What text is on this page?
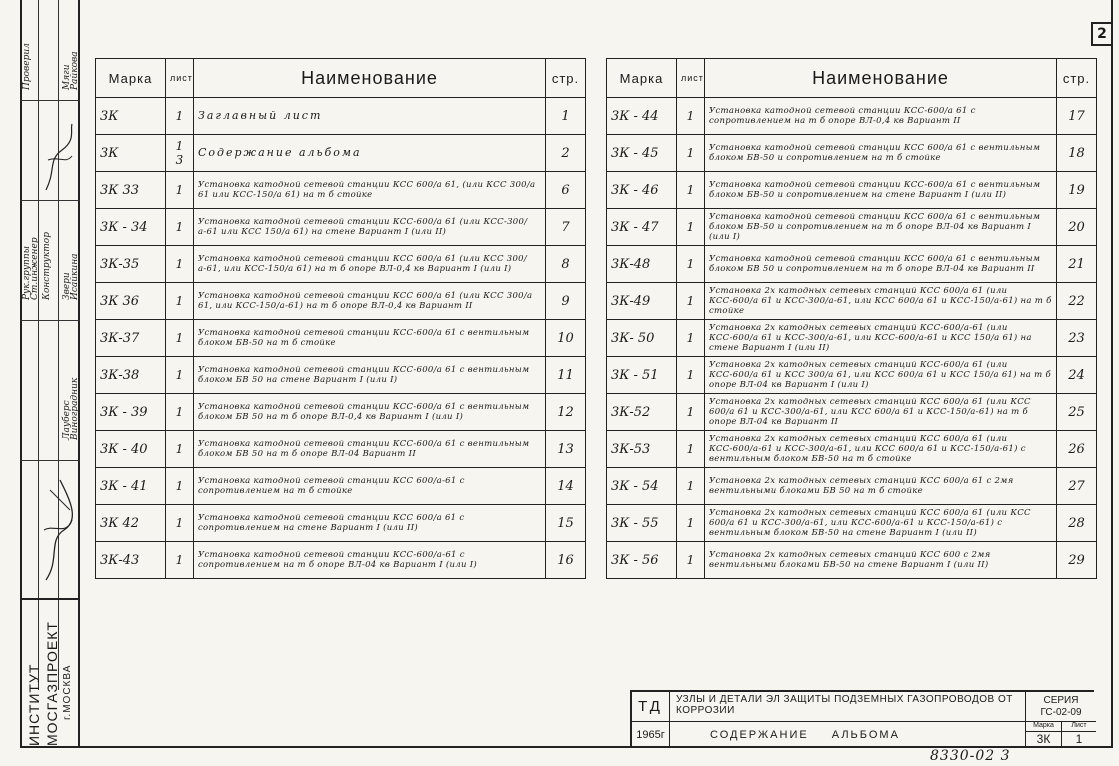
2
Мяги
Райкова
Проверил
Рук.группы
Ст.инженер Конструктор
Лауберс
Виноградник
Звери
Исайкина
ИНСТИТУТ МОСГАЗПРОЕКТ г.МОСКВА
Марка	лист	Наименование	стр.
3К	1	Заглавный лист	1
3К	1 3	Содержание альбома	2
3К 33	1	Установка катодной сетевой станции КСС 600/а 61, (или КСС 300/а 61 или КСС-150/а 61) на т б стойке	6
3К - 34	1	Установка катодной сетевой станции КСС-600/а 61 (или КСС-300/а-61 или КСС 150/а 61) на стене Вариант I (или II)	7
3К-35	1	Установка катодной сетевой станции КСС 600/а 61 (или КСС 300/а-61, или КСС-150/а 61) на т б опоре ВЛ-0,4 кв Вариант I (или I)	8
3К 36	1	Установка катодной сетевой станции КСС 600/а 61 (или КСС 300/а 61, или КСС-150/а-61) на т б опоре ВЛ-0,4 кв Вариант II	9
3К-37	1	Установка катодной сетевой станции КСС-600/а 61 с вентильным блоком БВ-50 на т б стойке	10
3К-38	1	Установка катодной сетевой станции КСС-600/а 61 с вентильным блоком БВ 50 на стене Вариант I (или I)	11
3К - 39	1	Установка катодной сетевой станции КСС-600/а 61 с вентильным блоком БВ 50 на т б опоре ВЛ-0,4 кв Вариант I (или I)	12
3К - 40	1	Установка катодной сетевой станции КСС-600/а 61 с вентильным блоком БВ 50 на т б опоре ВЛ-04 Вариант II	13
3К - 41	1	Установка катодной сетевой станции КСС 600/а-61 с сопротивлением на т б стойке	14
3К 42	1	Установка катодной сетевой станции КСС 600/а 61 с сопротивлением на стене Вариант I (или II)	15
3К-43	1	Установка катодной сетевой станции КСС-600/а-61 с сопротивлением на т б опоре ВЛ-04 кв Вариант I (или I)	16
Марка	лист	Наименование	стр.
3К - 44	1	Установка катодной сетевой станции КСС-600/а 61 с сопротивлением на т б опоре ВЛ-0,4 кв Вариант II	17
3К - 45	1	Установка катодной сетевой станции КСС 600/а 61 с вентильным блоком БВ-50 и сопротивлением на т б стойке	18
3К - 46	1	Установка катодной сетевой станции КСС-600/а 61 с вентильным блоком БВ-50 и сопротивлением на стене Вариант I (или II)	19
3К - 47	1	Установка катодной сетевой станции КСС 600/а 61 с вентильным блоком БВ-50 и сопротивлением на т б опоре ВЛ-04 кв Вариант I (или I)	20
3К-48	1	Установка катодной сетевой станции КСС 600/а 61 с вентильным блоком БВ 50 и сопротивлением на т б опоре ВЛ-04 кв Вариант II	21
3К-49	1	Установка 2х катодных сетевых станций КСС 600/а 61 (или КСС-600/а 61 и КСС-300/а-61, или КСС 600/а 61 и КСС-150/а-61) на т б стойке	22
3К- 50	1	Установка 2х катодных сетевых станций КСС-600/а-61 (или КСС-600/а 61 и КСС-300/а-61, или КСС-600/а-61 и КСС 150/а 61) на стене Вариант I (или II)	23
3К - 51	1	Установка 2х катодных сетевых станций КСС-600/а 61 (или КСС-600/а 61 и КСС 300/а 61, или КСС 600/а 61 и КСС 150/а 61) на т б опоре ВЛ-04 кв Вариант I (или I)	24
3К-52	1	Установка 2х катодных сетевых станций КСС 600/а 61 (или КСС 600/а 61 и КСС-300/а-61, или КСС 600/а 61 и КСС-150/а-61) на т б опоре ВЛ-04 кв Вариант II	25
3К-53	1	Установка 2х катодных сетевых станций КСС 600/а 61 (или КСС-600/а-61 и КСС-300/а-61, или КСС 600/а 61 и КСС-150/а-61) с вентильным блоком БВ-50 на т б стойке	26
3К - 54	1	Установка 2х катодных сетевых станций КСС 600/а 61 с 2мя вентильными блоками БВ 50 на т б стойке	27
3К - 55	1	Установка 2х катодных сетевых станций КСС 600/а 61 (или КСС 600/а 61 и КСС-300/а-61, или КСС-600/а-61 и КСС-150/а-61) с вентильным блоком БВ-50 на стене Вариант I (или II)	28
3К - 56	1	Установка 2х катодных сетевых станций КСС 600 с 2мя вентильными блоками БВ-50 на стене Вариант I (или II)	29
ТД
1965г
УЗЛЫ И ДЕТАЛИ ЭЛ ЗАЩИТЫ ПОДЗЕМНЫХ ГАЗОПРОВОДОВ ОТ КОРРОЗИИ
СОДЕРЖАНИЕ АЛЬБОМА
СЕРИЯ
ГС-02-09
Марка	Лист
3К	1
8330-02 3
